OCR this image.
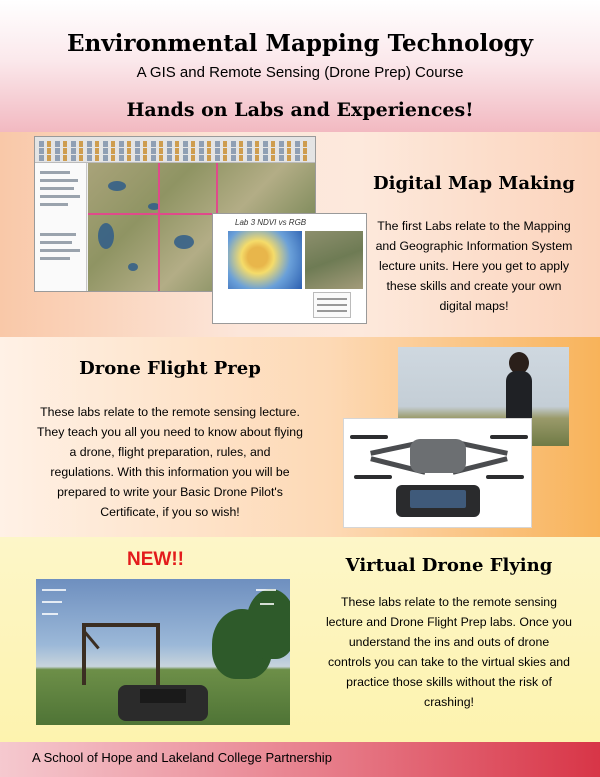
Environmental Mapping Technology
A GIS and Remote Sensing (Drone Prep) Course
Hands on Labs and Experiences!
Lab 3 NDVI vs RGB
Digital Map Making
The first Labs relate to the Mapping
and Geographic Information System
lecture units. Here you get to apply
these skills and create your own
digital maps!
Drone Flight Prep
These labs relate to the remote sensing lecture.
They teach you all you need to know about flying
a drone, flight preparation, rules, and
regulations. With this information you will be
prepared to write your Basic Drone Pilot's
Certificate, if you so wish!
NEW!!	Virtual Drone Flying
These labs relate to the remote sensing
lecture and Drone Flight Prep labs. Once you
understand the ins and outs of drone
controls you can take to the virtual skies and
practice those skills without the risk of
crashing!
A School of Hope and Lakeland College Partnership
